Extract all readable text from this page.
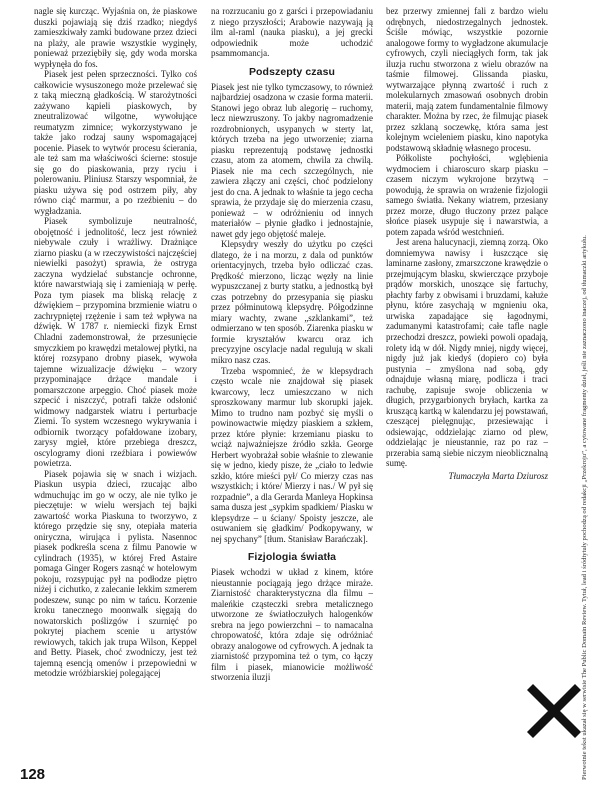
nagle się kurcząc. Wyjaśnia on, że piaskowe duszki pojawiają się dziś rzadko; niegdyś zamieszkiwały zamki budowane przez dzieci na plaży, ale prawie wszystkie wyginęły, ponieważ przeziębiły się, gdy woda morska wypłynęła do fos.

Piasek jest pełen sprzeczności. Tylko coś całkowicie wysuszonego może przelewać się z taką mieczną gładkością. W starożytności zażywano kąpieli piaskowych, by zneutralizować wilgotne, wywołujące reumatyzm zimnice; wykorzystywano je także jako rodzaj sauny wspomagającej pocenie. Piasek to wytwór procesu ścierania, ale też sam ma właściwości ścierne: stosuje się go do piaskowania, przy ryciu i polerowaniu. Pliniusz Starszy wspomniał, że piasku używa się pod ostrzem piły, aby równo ciąć marmur, a po rzeźbieniu – do wygładzania.

Piasek symbolizuje neutralność, obojętność i jednolitość, lecz jest również niebywale czuły i wrażliwy. Drażniące ziarno piasku (a w rzeczywistości najczęściej niewielki pasożyt) sprawia, że ostryga zaczyna wydzielać substancje ochronne, które nawarstwiają się i zamieniają w perłę. Poza tym piasek ma bliską relację z dźwiękiem – przypomina brzmienie wiatru o zachrypniętej rzężenie i sam też wpływa na dźwięk. W 1787 r. niemiecki fizyk Ernst Chladni zademonstrował, że przesunięcie smyczkiem po krawędzi metalowej płytki, na której rozsypano drobny piasek, wywoła tajemne wizualizacje dźwięku – wzory przypominające drżące mandale i pomarszczone arpeggio. Choć piasek może szpecić i niszczyć, potrafi także odsłonić widmowy nadgarstek wiatru i perturbacje Ziemi. To system wczesnego wykrywania i odbiornik tworzący pofałdowane izobary, zarysy mgieł, które przebiega dreszcz, oscylogramy dioni rzeźbiara i powiewów powietrza.

Piasek pojawia się w snach i wizjach. Piaskun usypia dzieci, rzucając albo wdmuchując im go w oczy, ale nie tylko je pieczętuje: w wielu wersjach tej bajki zawartość worka Piaskuna to tworzywo, z którego przędzie się sny, otepiała materia oniryczna, wirująca i pylista. Nasennoc piasek podkreśla scena z filmu Panowie w cylindrach (1935), w której Fred Astaire pomaga Ginger Rogers zasnąć w hotelowym pokoju, rozsypując pył na podłodze piętro niżej i cichutko, z zalecanie lekkim szmerem podeszew, sunąc po nim w tańcu. Korzenie kroku tanecznego moonwalk sięgają do nowatorskich poślizgów i szurnięć po pokrytej piachem scenie u artystów rewiowych, takich jak trupa Wilson, Keppel and Betty. Piasek, choć zwodniczy, jest też tajemną esencją omenów i przepowiedni w metodzie wróżbiarskiej polegającej

na rozrzucaniu go z garści i przepowiadaniu z niego przyszłości; Arabowie nazywają ją ilm al-raml (nauka piasku), a jej grecki odpowiednik może uchodzić psammomancja.

Podszepty czasu

Piasek jest nie tylko tymczasowy, to również najbardziej osadzona w czasie forma materii. Stanowi jego obraz lub alegorię – ruchomy, lecz niewzruszony. To jakby nagromadzenie rozdrobnionych, usypanych w sterty lat, których trzeba na jego utworzenie; ziarna piasku reprezentują podstawę jednostki czasu, atom za atomem, chwila za chwilą. Piasek nie ma cech szczególnych, nie zawiera złączy ani części, choć podzielony jest do cna. A jednak to właśnie ta jego cecha sprawia, że przydaje się do mierzenia czasu, ponieważ – w odróżnieniu od innych materiałów – płynie gładko i jednostajnie, nawet gdy jego objętość maleje.

Klepsydry weszły do użytku po części dlatego, że i na morzu, z dala od punktów orientacyjnych, trzeba było odliczać czas. Prędkość mierzono, licząc węzły na linie wypuszczanej z burty statku, a jednostką był czas potrzebny do przesypania się piasku przez półminutową klepsydrę. Półgodzinne miary wachty, zwane „szklankami”, też odmierzano w ten sposób. Ziarenka piasku w formie kryształów kwarcu oraz ich precyzyjne oscylacje nadal regulują w skali mikro nasz czas.

Trzeba wspomnieć, że w klepsydrach często wcale nie znajdował się piasek kwarcowy, lecz umieszczano w nich sproszkowany marmur lub skorupki jajek. Mimo to trudno nam pozbyć się myśli o powinowactwie między piaskiem a szkłem, przez które płynie: krzemianu piasku to wciąż najważniejsze źródło szkła. George Herbert wyobrażał sobie właśnie to zlewanie się w jedno, kiedy pisze, że „ciało to ledwie szkło, które mieści pył/ Co mierzy czas nas wszystkich; i które/ Mierzy i nas./ W pył się rozpadnie”, a dla Gerarda Manleya Hopkinsa sama dusza jest „sypkim spadkiem/ Piasku w klepsydrze – u ściany/ Spoisty jeszcze, ale osuwaniem się gładkim/ Podkopywany, w nej spychany” [tłum. Stanisław Barańczak].

Fizjologia światła

Piasek wchodzi w układ z kinem, które nieustannie pociągają jego drżące miraże. Ziarnistość charakterystyczna dla filmu – maleńkie cząsteczki srebra metalicznego utworzone ze światłoczułych halogenków srebra na jego powierzchni – to namacalna chropowatość, która zdaje się odróżniać obrazy analogowe od cyfrowych. A jednak ta ziarnistość przypomina też o tym, co łączy film i piasek, mianowicie możliwość stworzenia iluzji

bez przerwy zmiennej fali z bardzo wielu odrębnych, niedostrzegalnych jednostek. Ściśle mówiąc, wszystkie pozornie analogowe formy to wygładzone akumulacje cyfrowych, czyli nieciągłych form, tak jak iluzja ruchu stworzona z wielu obrazów na taśmie filmowej. Glissanda piasku, wytwarzające płynną zwartość i ruch z molekularnych zmasowań osobnych drobin materii, mają zatem fundamentalnie filmowy charakter. Można by rzec, że filmując piasek przez szklaną soczewkę, która sama jest kolejnym wcieleniem piasku, kino napotyka podstawową składnię własnego procesu.

Półkoliste pochyłości, wglębienia wydmociem i chiaroscuro skarp piasku – czasem niczym wykrojone brzytwą – powodują, że sprawia on wrażenie fizjologii samego światła. Nekany wiatrem, przesiany przez morze, długo tłuczony przez palące słońce piasek usypuje się i nawarstwia, a potem zapada wśród westchnień.

Jest arena halucynacji, ziemną zorzą. Oko domniemywa nawisy i łuszczące się laminarne zasłony, zmarszczone krawędzie o przejmującym blasku, skwierczące przyboje prądów morskich, unoszące się fartuchy, płachty farby z obwisami i bruzdami, kałuże płynu, które zasychają w mgnieniu oka, urwiska zapadające się łagodnymi, zadumanymi katastrofami; całe tafle nagle przechodzi dreszcz, powieki powoli opadają, rolety idą w dół. Nigdy mniej, nigdy więcej, nigdy już jak kiedyś (dopiero co) była pustynia – zmyślona nad sobą, gdy odnajduje własną miarę, podlicza i traci rachubę, zapisuje swoje obliczenia w długich, przygarbionych bryłach, kartka za kruszącą kartką w kalendarzu jej powstawań, czeszącej pielęgnując, przesiewając i odsiewając, oddzielając ziarno od plew, oddzielając je nieustannie, raz po raz – przerabia samą siebie niczym nieoblicznalną sumę.

Tłumaczyła Marta Dziurosz	Pierwotnie tekst ukazał się w serwisie The Public Domain Review. Tytuł, lead i śródtytuły pochodzą od redakcji „Przekroju”, a cytowane fragmenty dzieł, jeśli nie zaznaczono inaczej, od tłumaczki artykułu.
128
